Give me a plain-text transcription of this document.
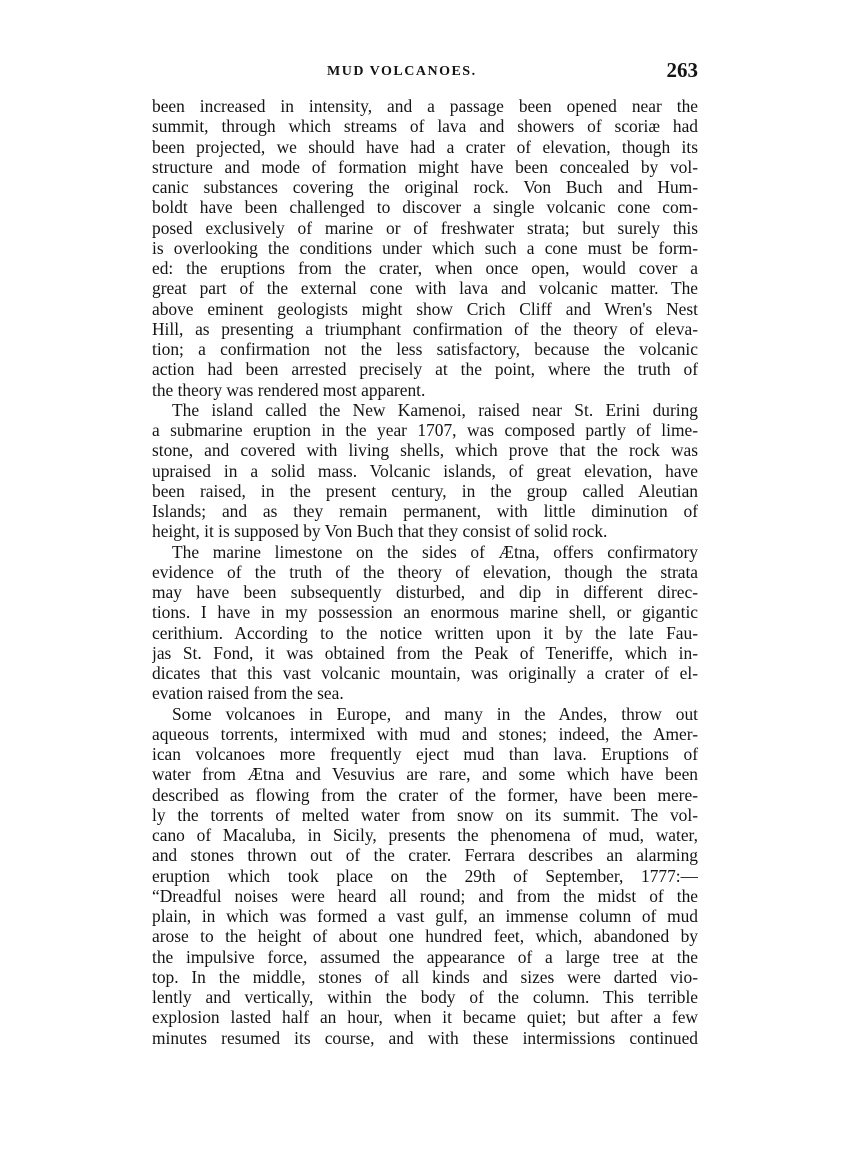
MUD VOLCANOES.	263
been increased in intensity, and a passage been opened near the
summit, through which streams of lava and showers of scoriæ had
been projected, we should have had a crater of elevation, though its
structure and mode of formation might have been concealed by vol-
canic substances covering the original rock. Von Buch and Hum-
boldt have been challenged to discover a single volcanic cone com-
posed exclusively of marine or of freshwater strata; but surely this
is overlooking the conditions under which such a cone must be form-
ed: the eruptions from the crater, when once open, would cover a
great part of the external cone with lava and volcanic matter. The
above eminent geologists might show Crich Cliff and Wren's Nest
Hill, as presenting a triumphant confirmation of the theory of eleva-
tion; a confirmation not the less satisfactory, because the volcanic
action had been arrested precisely at the point, where the truth of
the theory was rendered most apparent.
The island called the New Kamenoi, raised near St. Erini during
a submarine eruption in the year 1707, was composed partly of lime-
stone, and covered with living shells, which prove that the rock was
upraised in a solid mass. Volcanic islands, of great elevation, have
been raised, in the present century, in the group called Aleutian
Islands; and as they remain permanent, with little diminution of
height, it is supposed by Von Buch that they consist of solid rock.
The marine limestone on the sides of Ætna, offers confirmatory
evidence of the truth of the theory of elevation, though the strata
may have been subsequently disturbed, and dip in different direc-
tions. I have in my possession an enormous marine shell, or gigantic
cerithium. According to the notice written upon it by the late Fau-
jas St. Fond, it was obtained from the Peak of Teneriffe, which in-
dicates that this vast volcanic mountain, was originally a crater of el-
evation raised from the sea.
Some volcanoes in Europe, and many in the Andes, throw out
aqueous torrents, intermixed with mud and stones; indeed, the Amer-
ican volcanoes more frequently eject mud than lava. Eruptions of
water from Ætna and Vesuvius are rare, and some which have been
described as flowing from the crater of the former, have been mere-
ly the torrents of melted water from snow on its summit. The vol-
cano of Macaluba, in Sicily, presents the phenomena of mud, water,
and stones thrown out of the crater. Ferrara describes an alarming
eruption which took place on the 29th of September, 1777:—
“Dreadful noises were heard all round; and from the midst of the
plain, in which was formed a vast gulf, an immense column of mud
arose to the height of about one hundred feet, which, abandoned by
the impulsive force, assumed the appearance of a large tree at the
top. In the middle, stones of all kinds and sizes were darted vio-
lently and vertically, within the body of the column. This terrible
explosion lasted half an hour, when it became quiet; but after a few
minutes resumed its course, and with these intermissions continued
